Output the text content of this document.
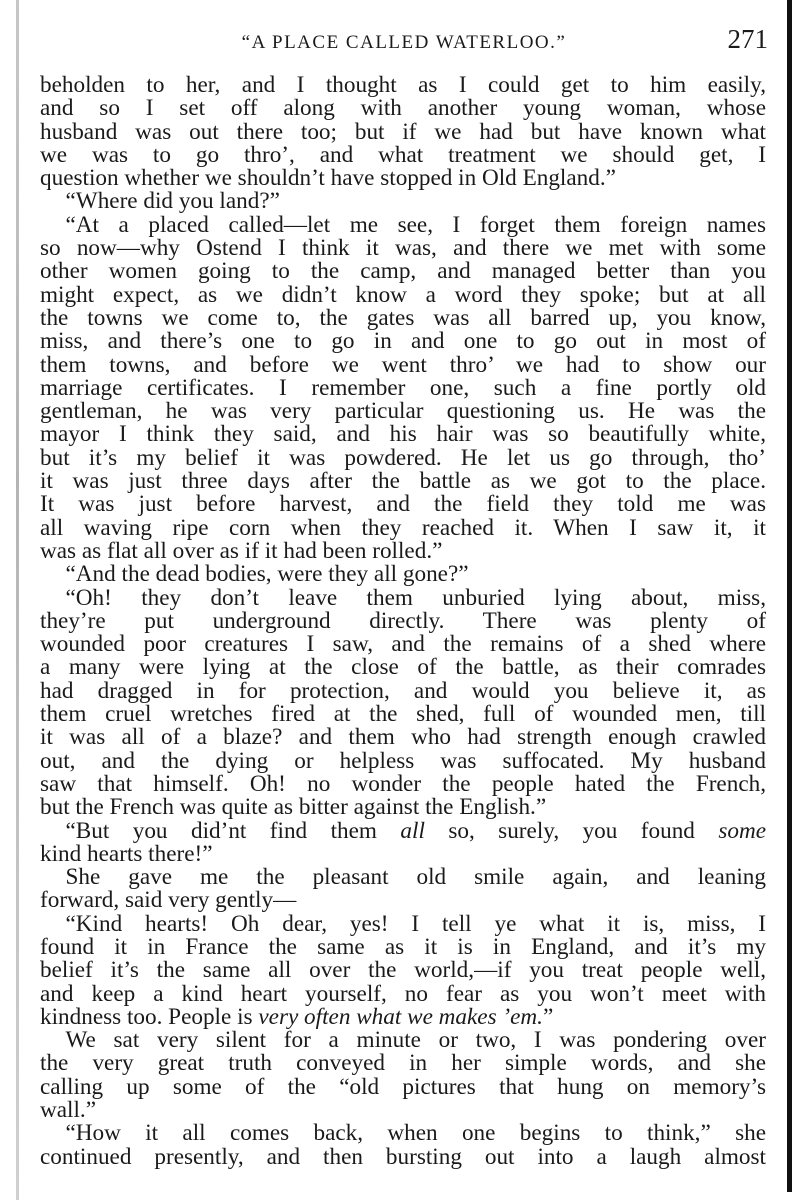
“A PLACE CALLED WATERLOO.”	271
beholden to her, and I thought as I could get to him easily,
and so I set off along with another young woman, whose
husband was out there too; but if we had but have known what
we was to go thro’, and what treatment we should get, I
question whether we shouldn’t have stopped in Old England.”
“Where did you land?”
“At a placed called—let me see, I forget them foreign names
so now—why Ostend I think it was, and there we met with some
other women going to the camp, and managed better than you
might expect, as we didn’t know a word they spoke; but at all
the towns we come to, the gates was all barred up, you know,
miss, and there’s one to go in and one to go out in most of
them towns, and before we went thro’ we had to show our
marriage certificates. I remember one, such a fine portly old
gentleman, he was very particular questioning us. He was the
mayor I think they said, and his hair was so beautifully white,
but it’s my belief it was powdered. He let us go through, tho’
it was just three days after the battle as we got to the place.
It was just before harvest, and the field they told me was
all waving ripe corn when they reached it. When I saw it, it
was as flat all over as if it had been rolled.”
“And the dead bodies, were they all gone?”
“Oh! they don’t leave them unburied lying about, miss,
they’re put underground directly. There was plenty of
wounded poor creatures I saw, and the remains of a shed where
a many were lying at the close of the battle, as their comrades
had dragged in for protection, and would you believe it, as
them cruel wretches fired at the shed, full of wounded men, till
it was all of a blaze? and them who had strength enough crawled
out, and the dying or helpless was suffocated. My husband
saw that himself. Oh! no wonder the people hated the French,
but the French was quite as bitter against the English.”
“But you did’nt find them all so, surely, you found some
kind hearts there!”
She gave me the pleasant old smile again, and leaning
forward, said very gently—
“Kind hearts! Oh dear, yes! I tell ye what it is, miss, I
found it in France the same as it is in England, and it’s my
belief it’s the same all over the world,—if you treat people well,
and keep a kind heart yourself, no fear as you won’t meet with
kindness too. People is very often what we makes ’em.”
We sat very silent for a minute or two, I was pondering over
the very great truth conveyed in her simple words, and she
calling up some of the “old pictures that hung on memory’s
wall.”
“How it all comes back, when one begins to think,” she
continued presently, and then bursting out into a laugh almost
